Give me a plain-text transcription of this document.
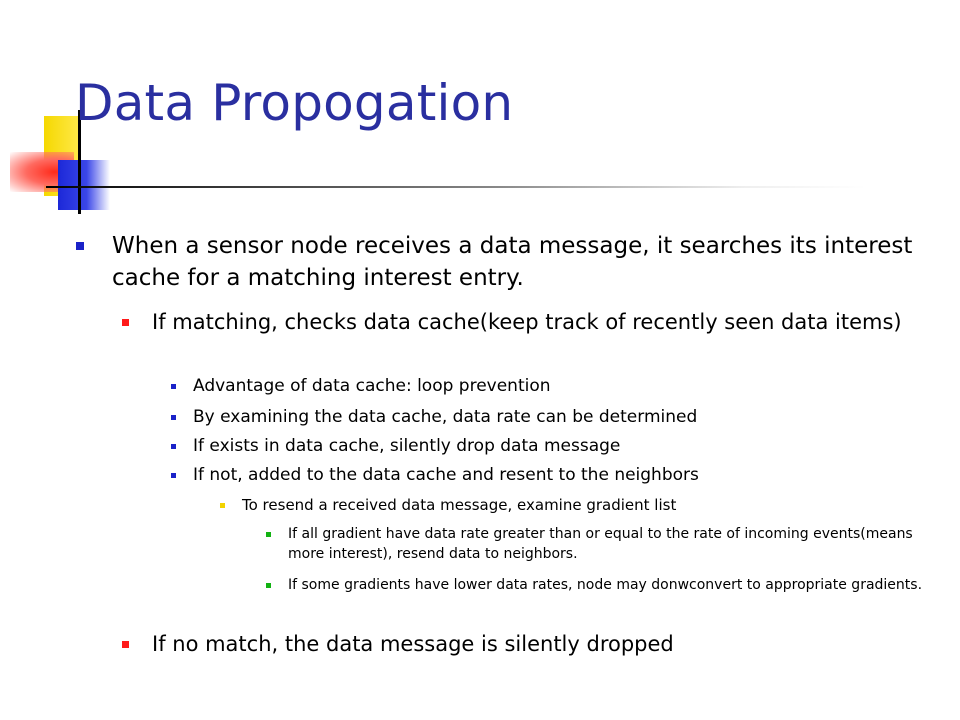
Data Propogation
When a sensor node receives a data message, it searches its interest cache for a matching interest entry.
If matching, checks data cache(keep track of recently seen data items)
Advantage of data cache: loop prevention
By examining the data cache, data rate can be determined
If exists in data cache, silently drop data message
If not, added to the data cache and resent to the neighbors
To resend a received data message, examine gradient list
If all gradient have data rate greater than or equal to the rate of incoming events(means more interest), resend data to neighbors.
If some gradients have lower data rates, node may donwconvert to appropriate gradients.
If no match, the data message is silently dropped
